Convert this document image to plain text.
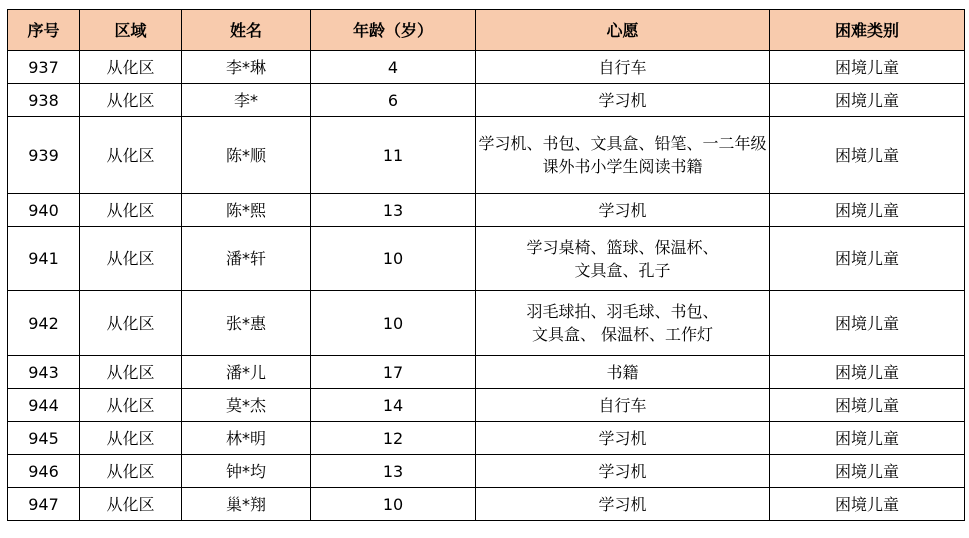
序号	区域	姓名	年龄（岁）	心愿	困难类别
937	从化区	李*琳	4	自行车	困境儿童
938	从化区	李*	6	学习机	困境儿童
939	从化区	陈*顺	11	学习机、书包、文具盒、铅笔、一二年级课外书小学生阅读书籍	困境儿童
940	从化区	陈*熙	13	学习机	困境儿童
941	从化区	潘*轩	10	学习桌椅、篮球、保温杯、文具盒、孔子	困境儿童
942	从化区	张*惠	10	羽毛球拍、羽毛球、书包、文具盒、 保温杯、工作灯	困境儿童
943	从化区	潘*儿	17	书籍	困境儿童
944	从化区	莫*杰	14	自行车	困境儿童
945	从化区	林*明	12	学习机	困境儿童
946	从化区	钟*均	13	学习机	困境儿童
947	从化区	巢*翔	10	学习机	困境儿童
